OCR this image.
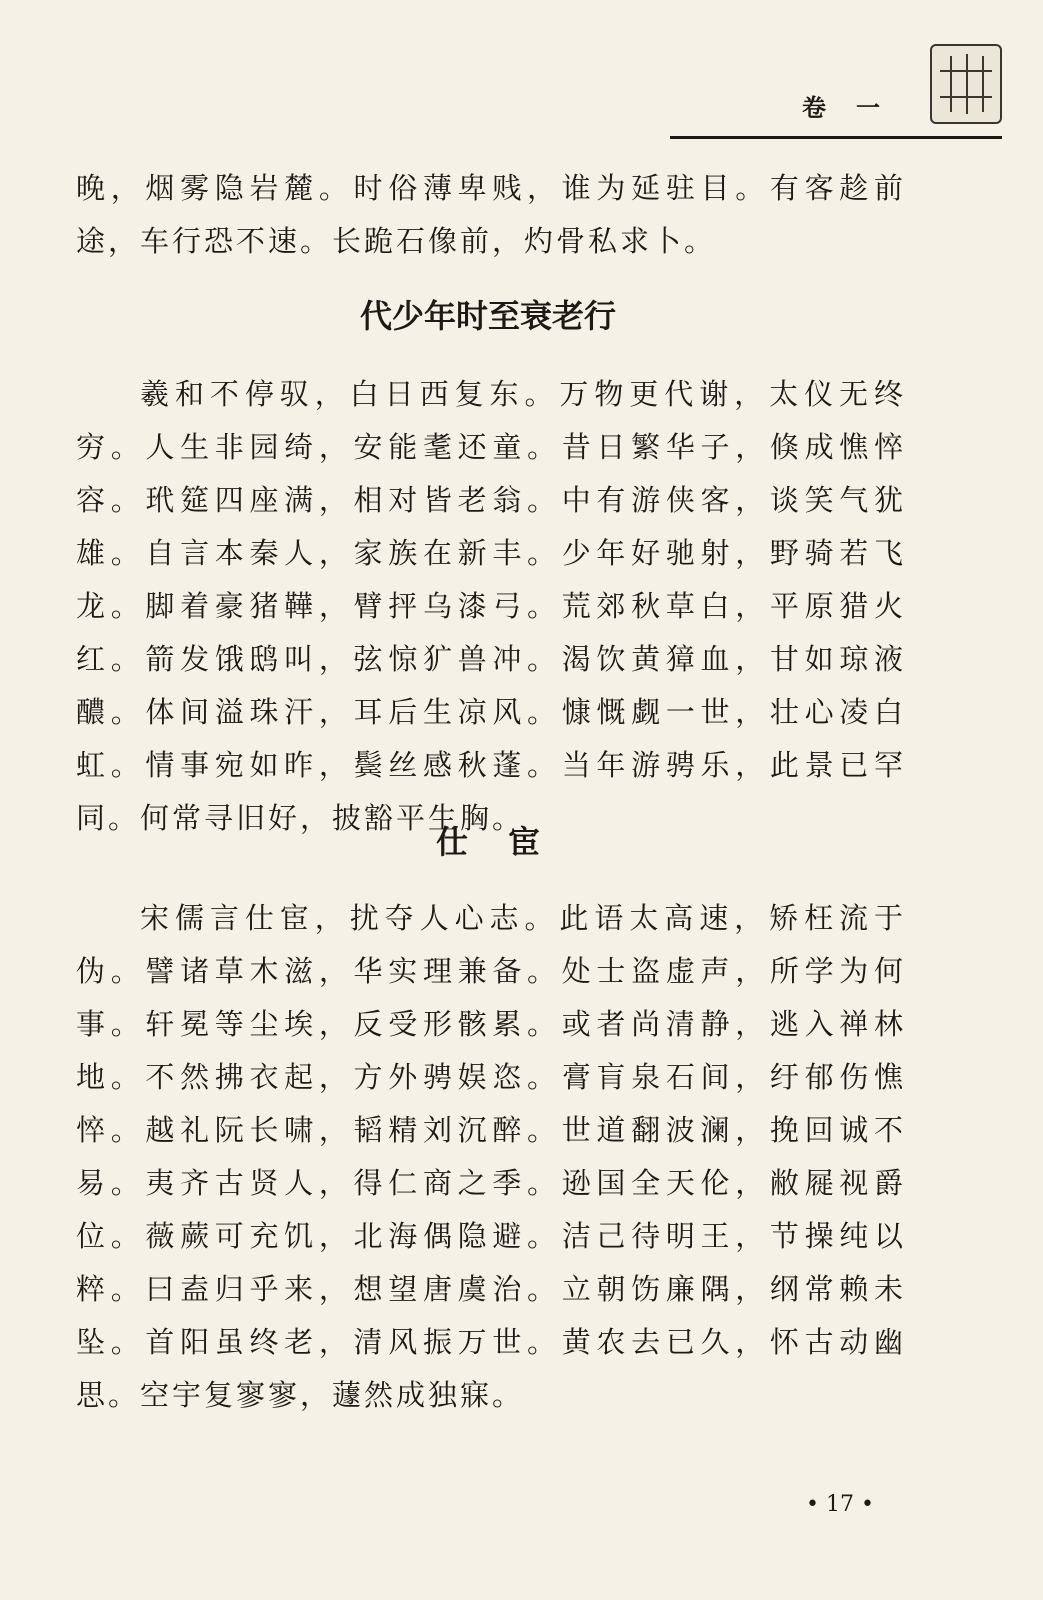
卷一

晚，烟雾隐岩麓。时俗薄卑贱，谁为延驻目。有客趁前途，车行恐不速。长跪石像前，灼骨私求卜。

代少年时至衰老行

羲和不停驭，白日西复东。万物更代谢，太仪无终穷。人生非园绮，安能耄还童。昔日繁华子，倏成憔悴容。玳筵四座满，相对皆老翁。中有游侠客，谈笑气犹雄。自言本秦人，家族在新丰。少年好驰射，野骑若飞龙。脚着豪猪鞾，臂抨乌漆弓。荒郊秋草白，平原猎火红。箭发饿鸱叫，弦惊犷兽冲。渴饮黄獐血，甘如琼液醲。体间溢珠汗，耳后生凉风。慷慨觑一世，壮心凌白虹。情事宛如昨，鬓丝感秋蓬。当年游骋乐，此景已罕同。何常寻旧好，披豁平生胸。

仕宦

宋儒言仕宦，扰夺人心志。此语太高速，矫枉流于伪。譬诸草木滋，华实理兼备。处士盗虚声，所学为何事。轩冕等尘埃，反受形骸累。或者尚清静，逃入禅林地。不然拂衣起，方外骋娱恣。膏肓泉石间，纡郁伤憔悴。越礼阮长啸，韬精刘沉醉。世道翻波澜，挽回诚不易。夷齐古贤人，得仁商之季。逊国全天伦，敝屣视爵位。薇蕨可充饥，北海偶隐避。洁己待明王，节操纯以粹。曰盍归乎来，想望唐虞治。立朝饬廉隅，纲常赖未坠。首阳虽终老，清风振万世。黄农去已久，怀古动幽思。空宇复寥寥，蘧然成独寐。

• 17 •
